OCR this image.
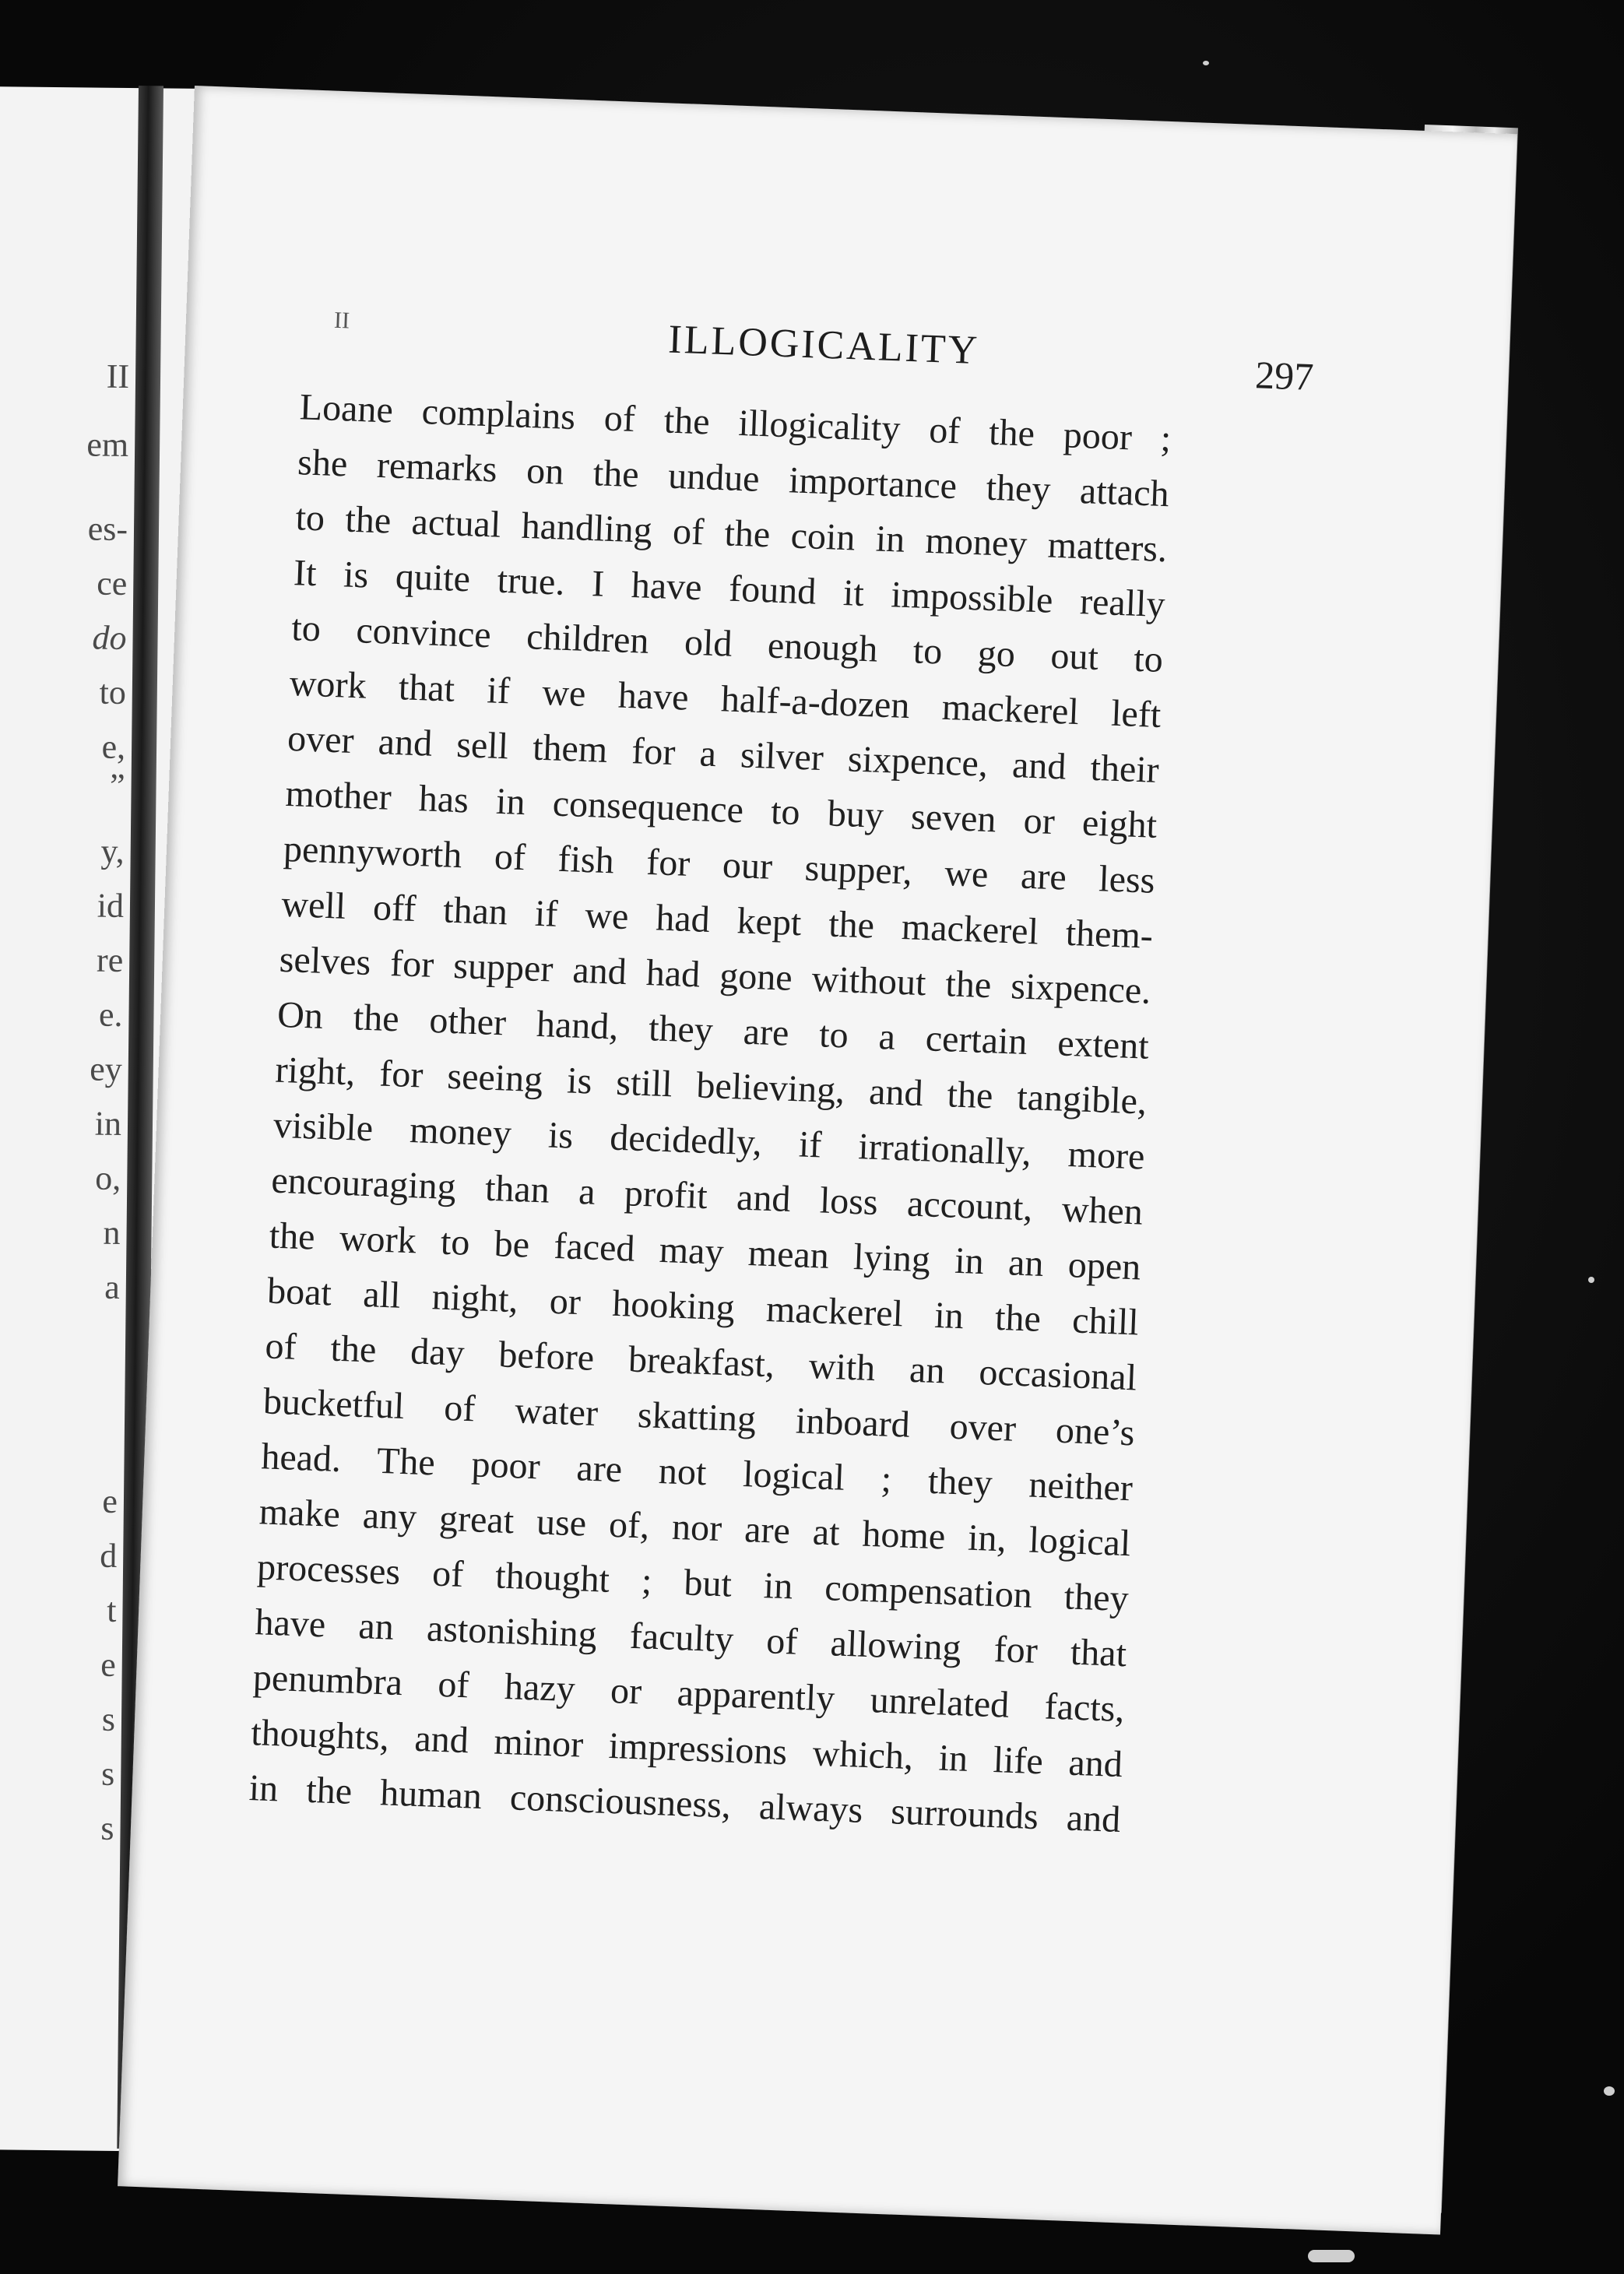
II
em
es-
ce
do
to
e,
”
y,
id
re
e.
ey
in
o,
n
a
e
d
t
e
s
s
s
II	ILLOGICALITY
297
Loane complains of the illogicality of the poor ;
she remarks on the undue importance they attach
to the actual handling of the coin in money matters.
It is quite true. I have found it impossible really
to convince children old enough to go out to
work that if we have half-a-dozen mackerel left
over and sell them for a silver sixpence, and their
mother has in consequence to buy seven or eight
pennyworth of fish for our supper, we are less
well off than if we had kept the mackerel them-
selves for supper and had gone without the sixpence.
On the other hand, they are to a certain extent
right, for seeing is still believing, and the tangible,
visible money is decidedly, if irrationally, more
encouraging than a profit and loss account, when
the work to be faced may mean lying in an open
boat all night, or hooking mackerel in the chill
of the day before breakfast, with an occasional
bucketful of water skatting inboard over one’s
head. The poor are not logical ; they neither
make any great use of, nor are at home in, logical
processes of thought ; but in compensation they
have an astonishing faculty of allowing for that
penumbra of hazy or apparently unrelated facts,
thoughts, and minor impressions which, in life and
in the human consciousness, always surrounds and
